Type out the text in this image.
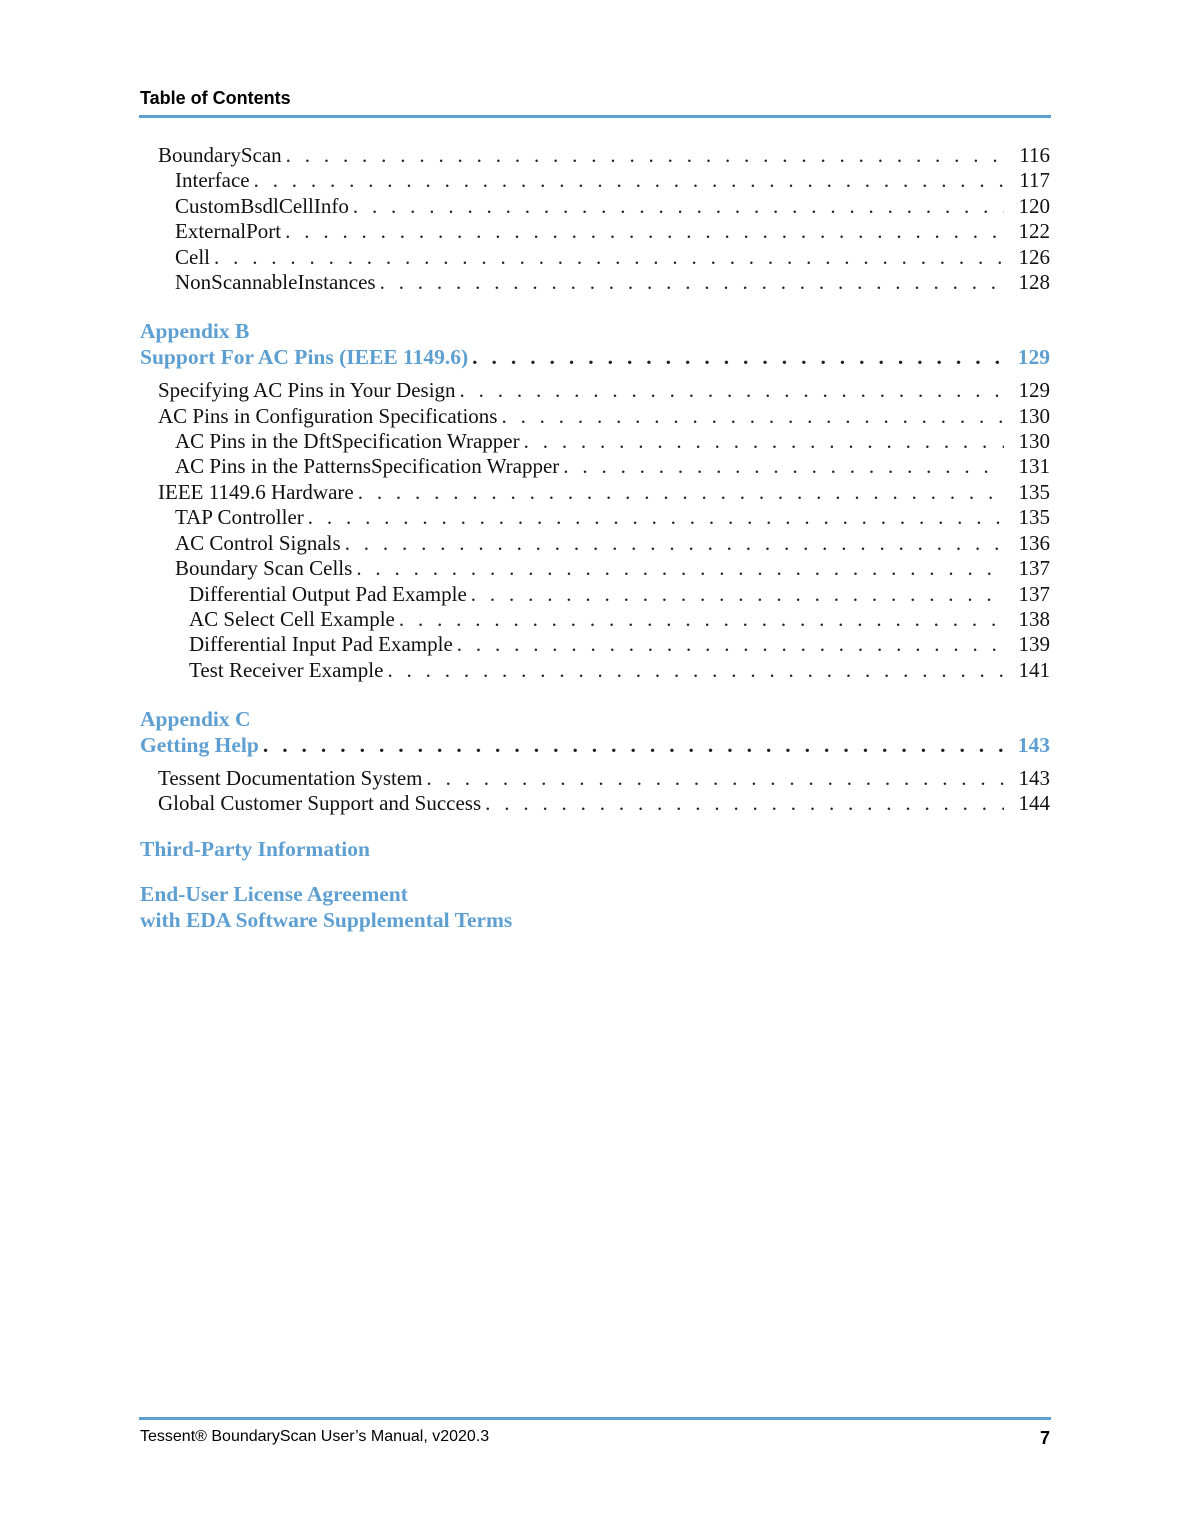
Table of Contents
BoundaryScan . . .	116
Interface . . .	117
CustomBsdlCellInfo . . .	120
ExternalPort . . .	122
Cell . . .	126
NonScannableInstances . . .	128
Appendix B
Support For AC Pins (IEEE 1149.6) . . .	129
Specifying AC Pins in Your Design . . .	129
AC Pins in Configuration Specifications . . .	130
AC Pins in the DftSpecification Wrapper . . .	130
AC Pins in the PatternsSpecification Wrapper . . .	131
IEEE 1149.6 Hardware . . .	135
TAP Controller . . .	135
AC Control Signals . . .	136
Boundary Scan Cells . . .	137
Differential Output Pad Example . . .	137
AC Select Cell Example . . .	138
Differential Input Pad Example . . .	139
Test Receiver Example . . .	141
Appendix C
Getting Help . . .	143
Tessent Documentation System . . .	143
Global Customer Support and Success . . .	144
Third-Party Information
End-User License Agreement
with EDA Software Supplemental Terms
Tessent® BoundaryScan User’s Manual, v2020.3	7
